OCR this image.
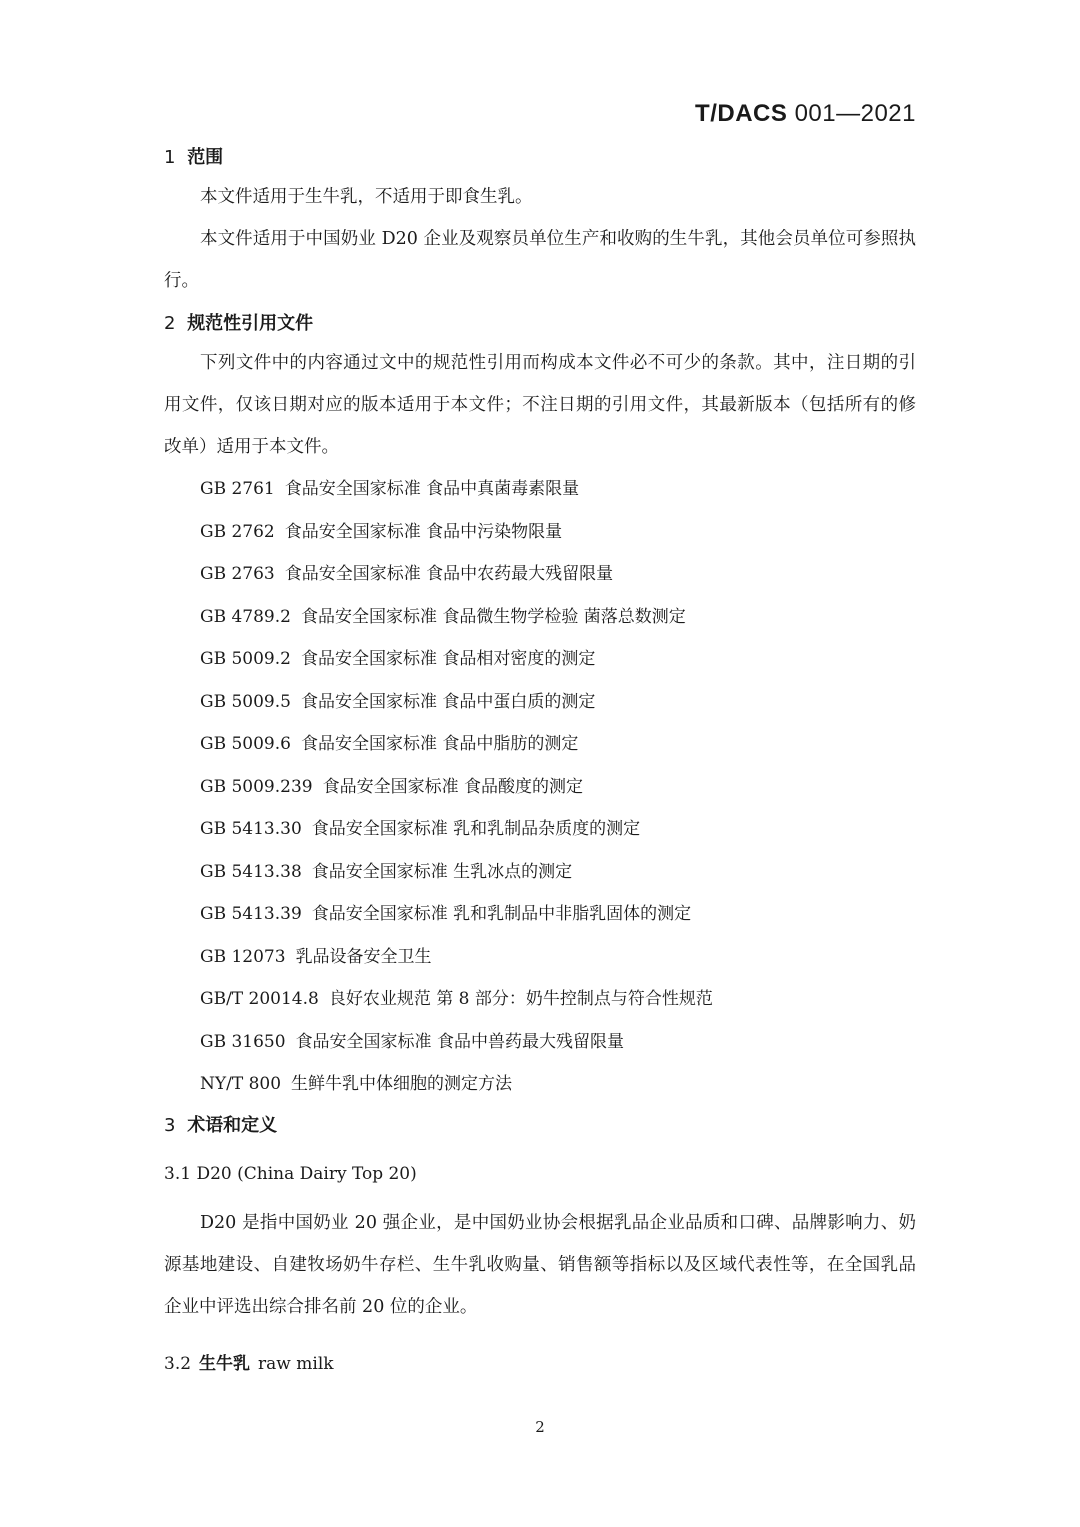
T/DACS 001—2021
1 范围

本文件适用于生牛乳，不适用于即食生乳。

本文件适用于中国奶业 D20 企业及观察员单位生产和收购的生牛乳，其他会员单位可参照执行。

2 规范性引用文件

下列文件中的内容通过文中的规范性引用而构成本文件必不可少的条款。其中，注日期的引用文件，仅该日期对应的版本适用于本文件；不注日期的引用文件，其最新版本（包括所有的修改单）适用于本文件。

GB 2761 食品安全国家标准 食品中真菌毒素限量
GB 2762 食品安全国家标准 食品中污染物限量
GB 2763 食品安全国家标准 食品中农药最大残留限量
GB 4789.2 食品安全国家标准 食品微生物学检验 菌落总数测定
GB 5009.2 食品安全国家标准 食品相对密度的测定
GB 5009.5 食品安全国家标准 食品中蛋白质的测定
GB 5009.6 食品安全国家标准 食品中脂肪的测定
GB 5009.239 食品安全国家标准 食品酸度的测定
GB 5413.30 食品安全国家标准 乳和乳制品杂质度的测定
GB 5413.38 食品安全国家标准 生乳冰点的测定
GB 5413.39 食品安全国家标准 乳和乳制品中非脂乳固体的测定
GB 12073 乳品设备安全卫生
GB/T 20014.8 良好农业规范 第 8 部分：奶牛控制点与符合性规范
GB 31650 食品安全国家标准 食品中兽药最大残留限量
NY/T 800 生鲜牛乳中体细胞的测定方法
3 术语和定义
3.1 D20 (China Dairy Top 20)

D20 是指中国奶业 20 强企业，是中国奶业协会根据乳品企业品质和口碑、品牌影响力、奶源基地建设、自建牧场奶牛存栏、生牛乳收购量、销售额等指标以及区域代表性等，在全国乳品企业中评选出综合排名前 20 位的企业。

3.2 生牛乳 raw milk
2
